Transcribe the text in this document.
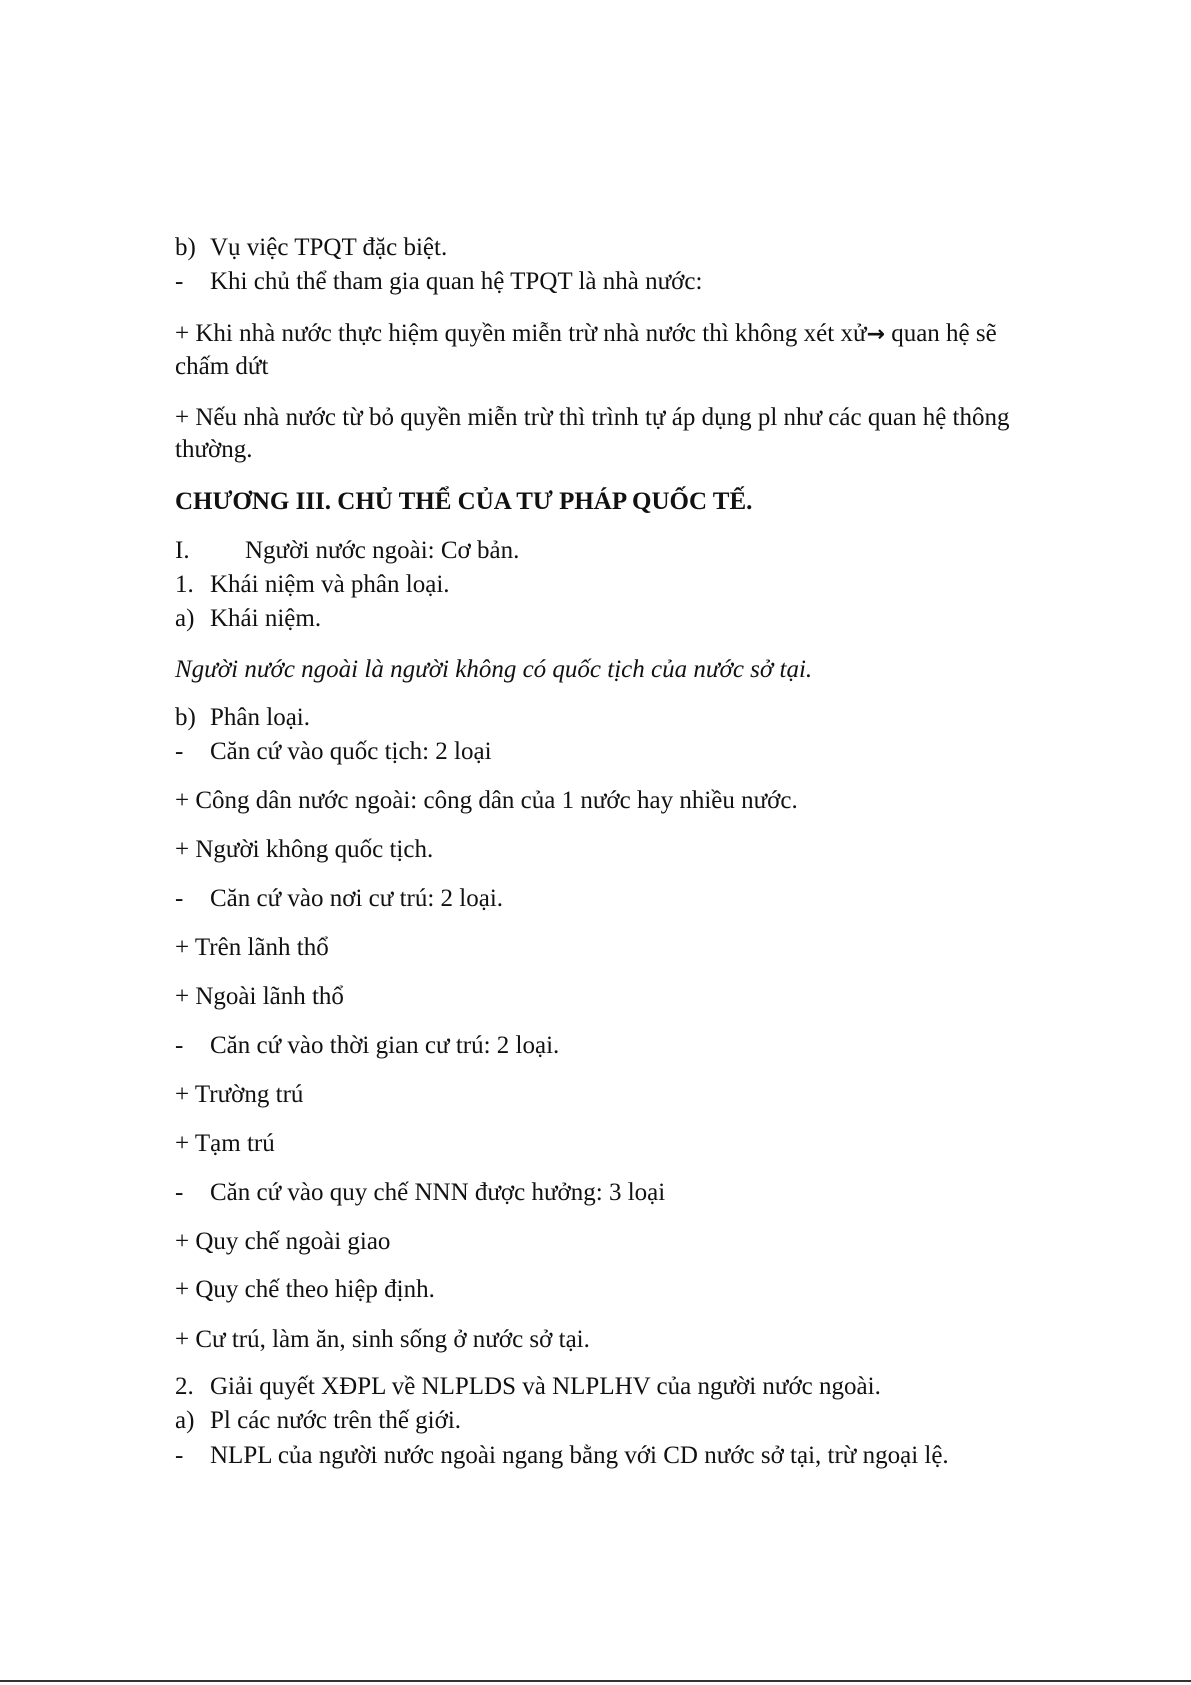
b) Vụ việc TPQT đặc biệt.
- Khi chủ thể tham gia quan hệ TPQT là nhà nước:
+ Khi nhà nước thực hiệm quyền miễn trừ nhà nước thì không xét xử→ quan hệ sẽ chấm dứt
+ Nếu nhà nước từ bỏ quyền miễn trừ thì trình tự áp dụng pl như các quan hệ thông thường.
CHƯƠNG III. CHỦ THỂ CỦA TƯ PHÁP QUỐC TẾ.
I. Người nước ngoài: Cơ bản.
1. Khái niệm và phân loại.
a) Khái niệm.
Người nước ngoài là người không có quốc tịch của nước sở tại.
b) Phân loại.
- Căn cứ vào quốc tịch: 2 loại
+ Công dân nước ngoài: công dân của 1 nước hay nhiều nước.
+ Người không quốc tịch.
- Căn cứ vào nơi cư trú: 2 loại.
+ Trên lãnh thổ
+ Ngoài lãnh thổ
- Căn cứ vào thời gian cư trú: 2 loại.
+ Trường trú
+ Tạm trú
- Căn cứ vào quy chế NNN được hưởng: 3 loại
+ Quy chế ngoài giao
+ Quy chế theo hiệp định.
+ Cư trú, làm ăn, sinh sống ở nước sở tại.
2. Giải quyết XĐPL về NLPLDS và NLPLHV của người nước ngoài.
a) Pl các nước trên thế giới.
- NLPL của người nước ngoài ngang bằng với CD nước sở tại, trừ ngoại lệ.
